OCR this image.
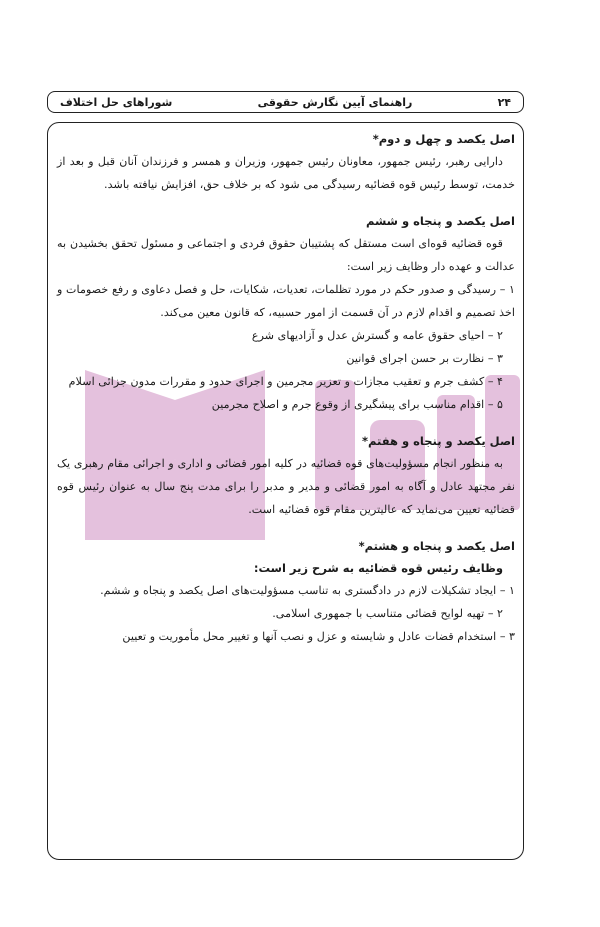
۲۴
راهنمای آیین نگارش حقوقی
شوراهای حل اختلاف
اصل یکصد و چهل و دوم*

دارایی رهبر، رئیس جمهور، معاونان رئیس جمهور، وزیران و همسر و فرزندان آنان قبل و بعد از خدمت، توسط رئیس قوه قضائیه رسیدگی می شود که بر خلاف حق، افزایش نیافته باشد.

اصل یکصد و پنجاه و ششم

قوه قضائیه قوه‌ای است مستقل که پشتیبان حقوق فردی و اجتماعی و مسئول تحقق بخشیدن به عدالت و عهده دار وظایف زیر است:

۱ – رسیدگی و صدور حکم در مورد تظلمات، تعدیات، شکایات، حل و فصل دعاوی و رفع خصومات و اخذ تصمیم و اقدام لازم در آن قسمت از امور حسبیه، که قانون معین می‌کند.

۲ – احیای حقوق عامه و گسترش عدل و آزادیهای شرع

۳ – نظارت بر حسن اجرای قوانین

۴ – کشف جرم و تعقیب مجازات و تعزیر مجرمین و اجرای حدود و مقررات مدون جزائی اسلام

۵ – اقدام مناسب برای پیشگیری از وقوع جرم و اصلاح مجرمین

اصل یکصد و پنجاه و هفتم*

به منظور انجام مسؤولیت‌های قوه قضائیه در کلیه امور قضائی و اداری و اجرائی مقام رهبری یک نفر مجتهد عادل و آگاه به امور قضائی و مدیر و مدبر را برای مدت پنج سال به عنوان رئیس قوه قضائیه تعیین می‌نماید که عالیترین مقام قوه قضائیه است.

اصل یکصد و پنجاه و هشتم*
وظایف رئیس قوه قضائیه به شرح زیر است:

۱ – ایجاد تشکیلات لازم در دادگستری به تناسب مسؤولیت‌های اصل یکصد و پنجاه و ششم.

۲ – تهیه لوایح قضائی متناسب با جمهوری اسلامی.

۳ – استخدام قضات عادل و شایسته و عزل و نصب آنها و تغییر محل مأموریت و تعیین
